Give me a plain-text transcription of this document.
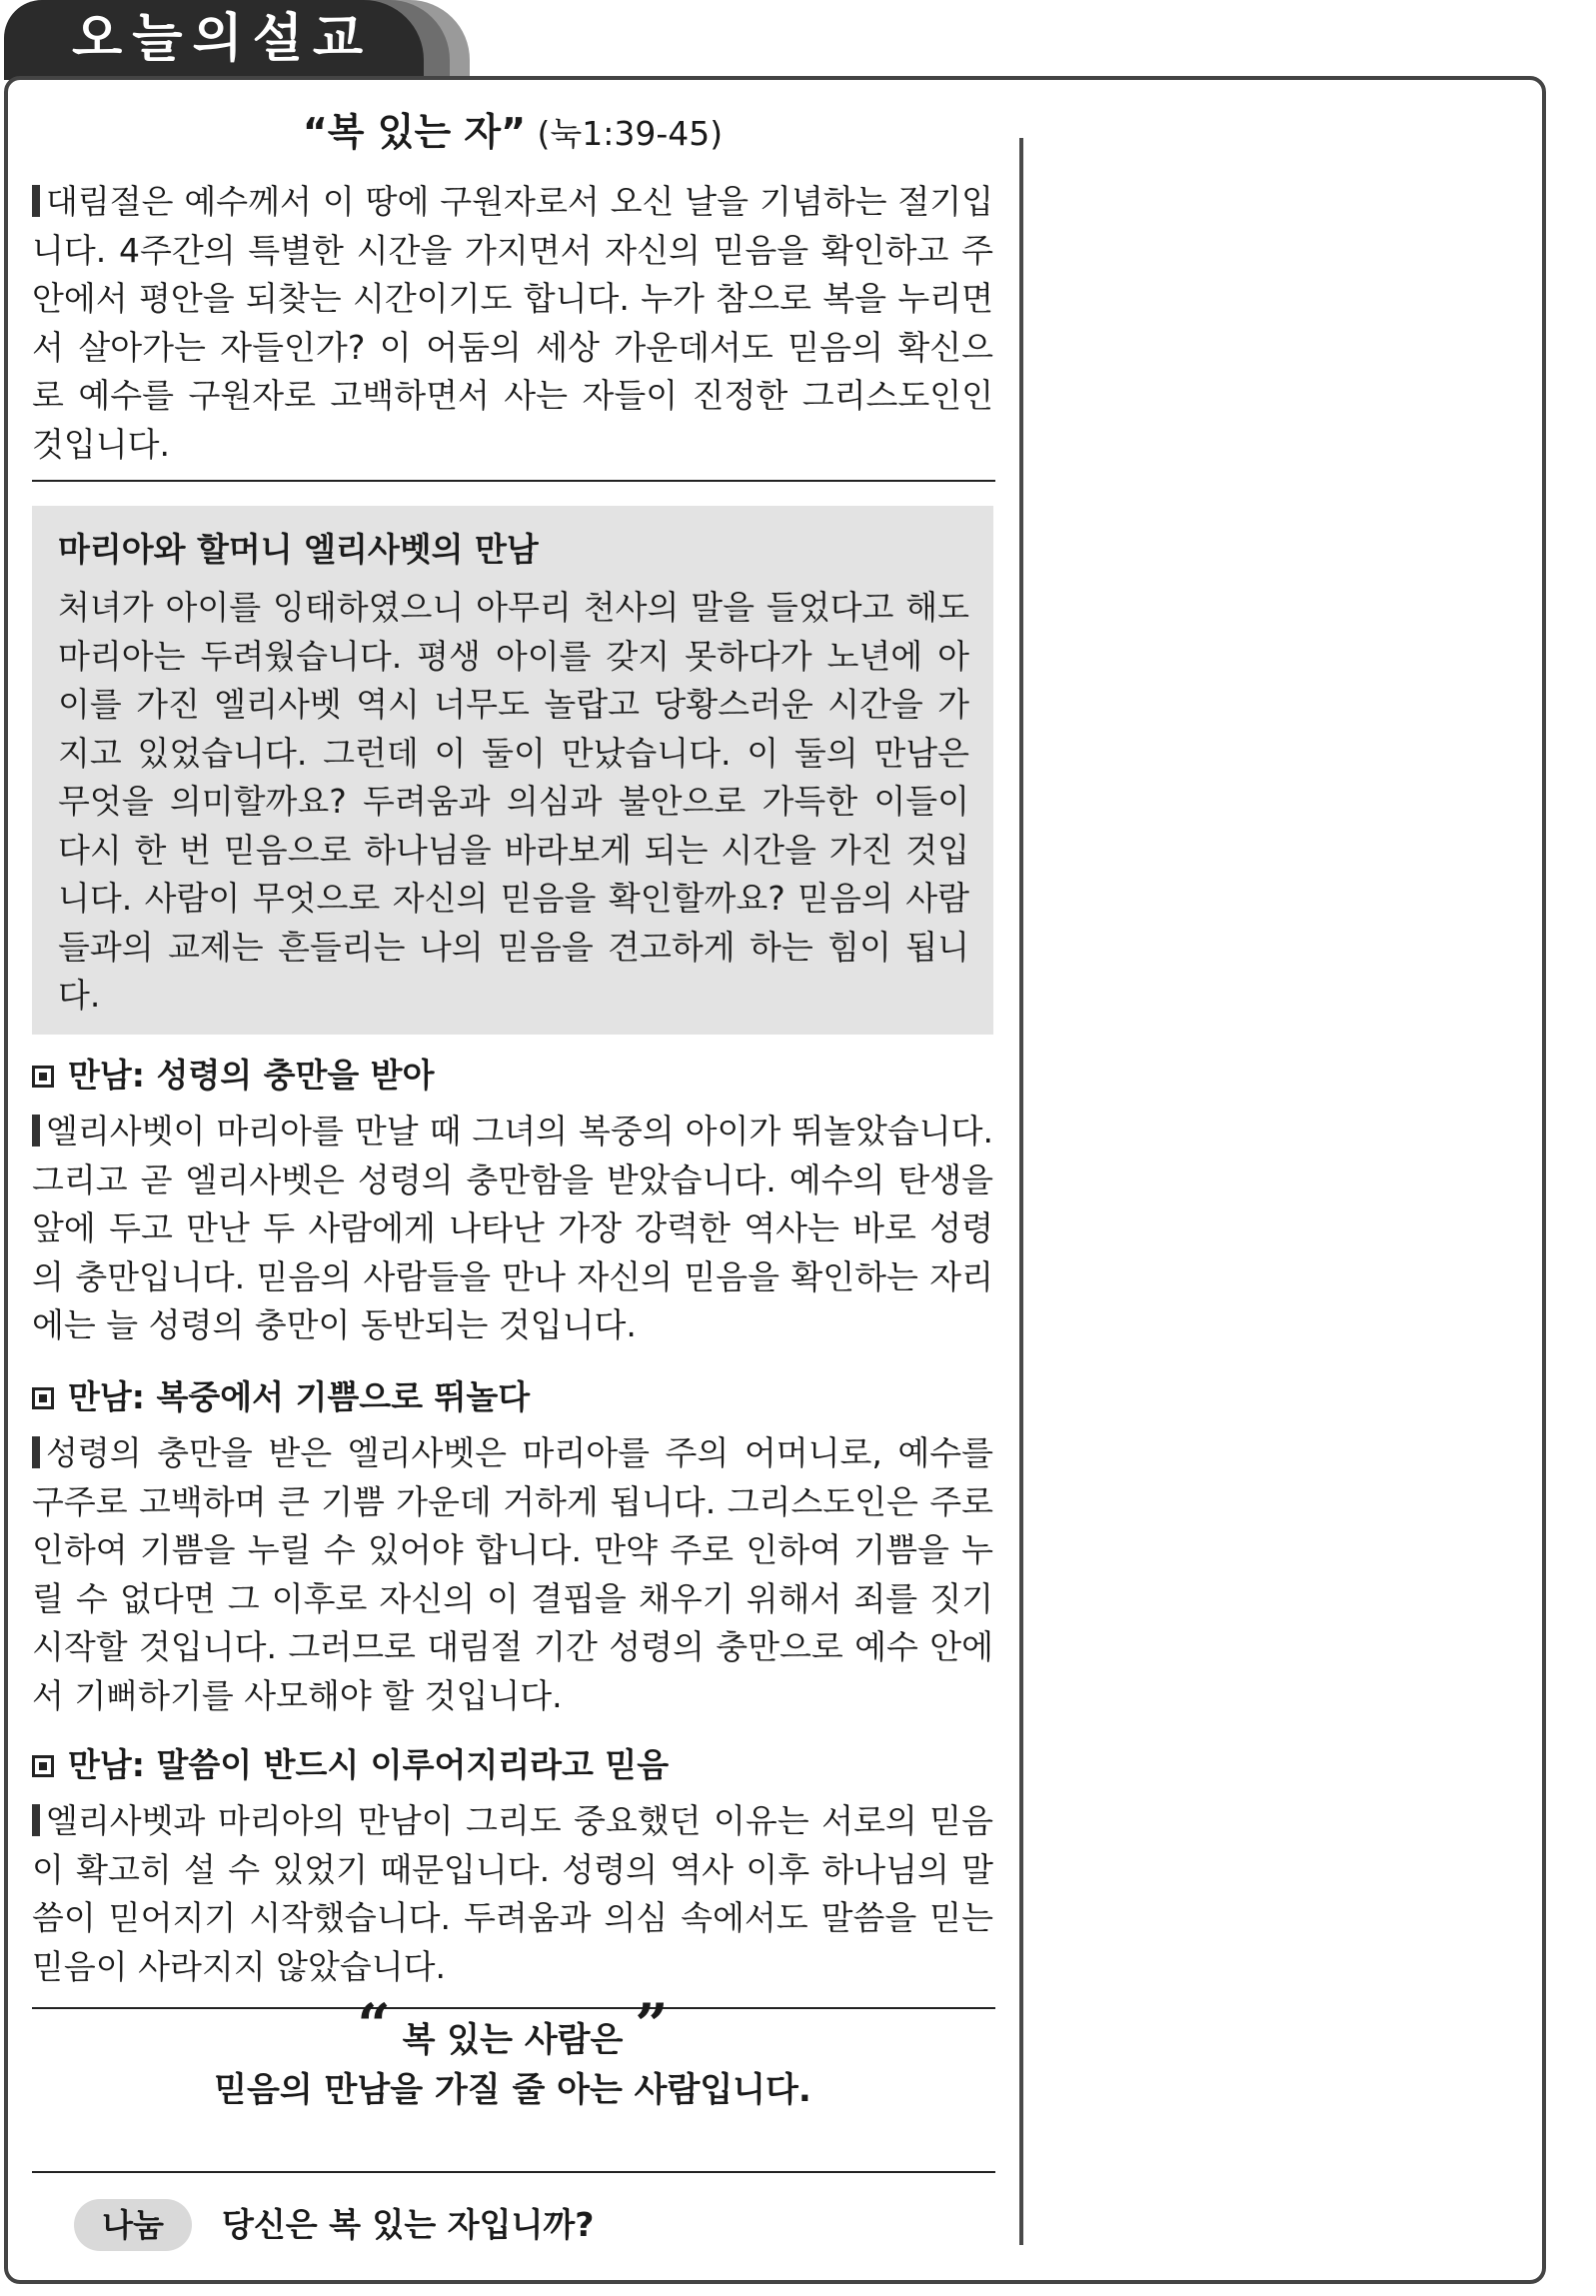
오늘의설교
“복 있는 자” (눅1:39-45)
대림절은 예수께서 이 땅에 구원자로서 오신 날을 기념하는 절기입니다. 4주간의 특별한 시간을 가지면서 자신의 믿음을 확인하고 주 안에서 평안을 되찾는 시간이기도 합니다. 누가 참으로 복을 누리면서 살아가는 자들인가? 이 어둠의 세상 가운데서도 믿음의 확신으로 예수를 구원자로 고백하면서 사는 자들이 진정한 그리스도인인 것입니다.
마리아와 할머니 엘리사벳의 만남
처녀가 아이를 잉태하였으니 아무리 천사의 말을 들었다고 해도 마리아는 두려웠습니다. 평생 아이를 갖지 못하다가 노년에 아이를 가진 엘리사벳 역시 너무도 놀랍고 당황스러운 시간을 가지고 있었습니다. 그런데 이 둘이 만났습니다. 이 둘의 만남은 무엇을 의미할까요? 두려움과 의심과 불안으로 가득한 이들이 다시 한 번 믿음으로 하나님을 바라보게 되는 시간을 가진 것입니다. 사람이 무엇으로 자신의 믿음을 확인할까요? 믿음의 사람들과의 교제는 흔들리는 나의 믿음을 견고하게 하는 힘이 됩니다.
만남: 성령의 충만을 받아
엘리사벳이 마리아를 만날 때 그녀의 복중의 아이가 뛰놀았습니다. 그리고 곧 엘리사벳은 성령의 충만함을 받았습니다. 예수의 탄생을 앞에 두고 만난 두 사람에게 나타난 가장 강력한 역사는 바로 성령의 충만입니다. 믿음의 사람들을 만나 자신의 믿음을 확인하는 자리에는 늘 성령의 충만이 동반되는 것입니다.
만남: 복중에서 기쁨으로 뛰놀다
성령의 충만을 받은 엘리사벳은 마리아를 주의 어머니로, 예수를 구주로 고백하며 큰 기쁨 가운데 거하게 됩니다. 그리스도인은 주로 인하여 기쁨을 누릴 수 있어야 합니다. 만약 주로 인하여 기쁨을 누릴 수 없다면 그 이후로 자신의 이 결핍을 채우기 위해서 죄를 짓기 시작할 것입니다. 그러므로 대림절 기간 성령의 충만으로 예수 안에서 기뻐하기를 사모해야 할 것입니다.
만남: 말씀이 반드시 이루어지리라고 믿음
엘리사벳과 마리아의 만남이 그리도 중요했던 이유는 서로의 믿음이 확고히 설 수 있었기 때문입니다. 성령의 역사 이후 하나님의 말씀이 믿어지기 시작했습니다. 두려움과 의심 속에서도 말씀을 믿는 믿음이 사라지지 않았습니다.
“ 복 있는 사람은 ”
믿음의 만남을 가질 줄 아는 사람입니다.
나눔	당신은 복 있는 자입니까?
